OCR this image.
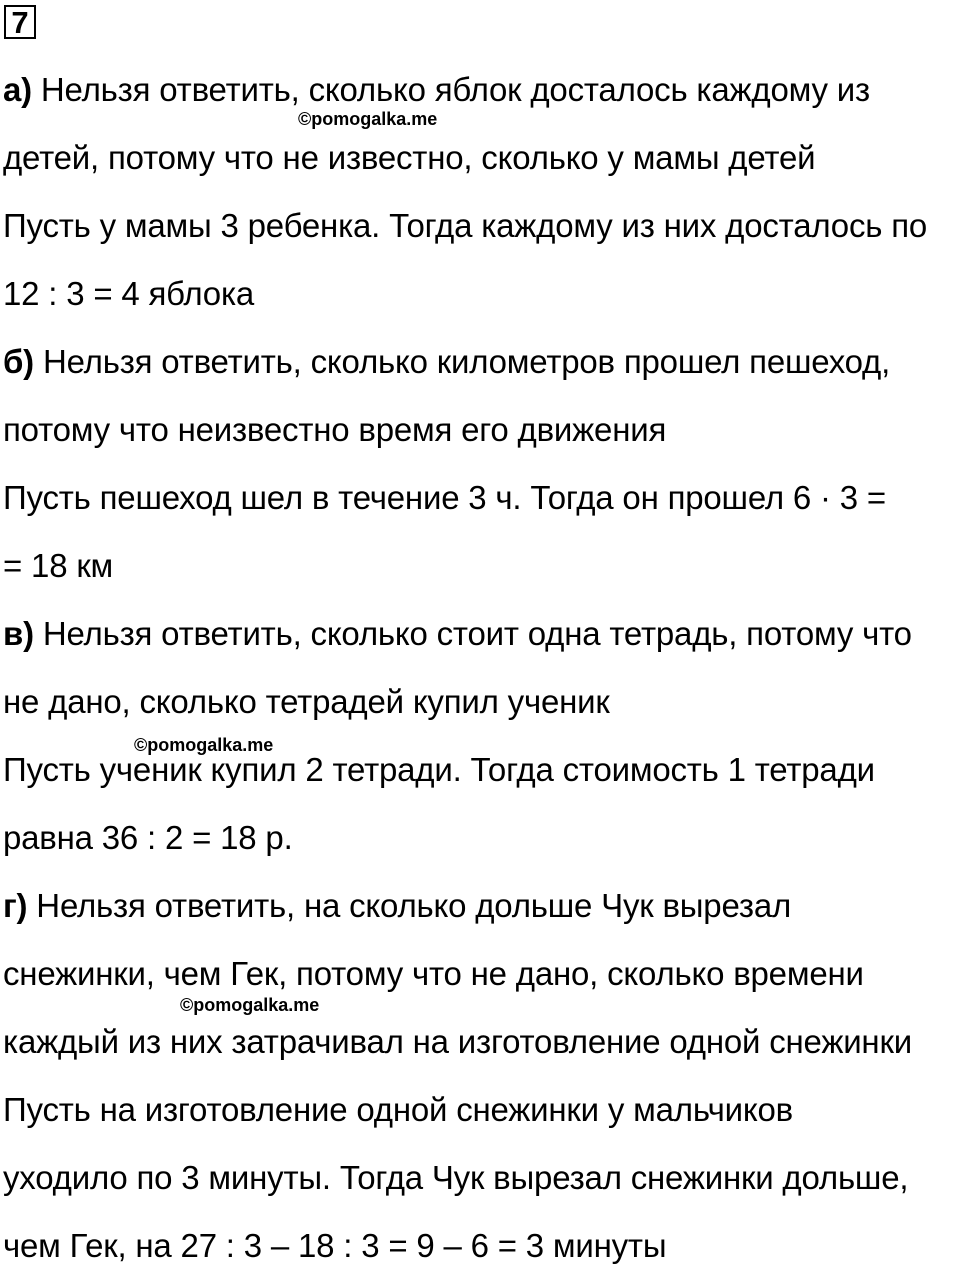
7
а) Нельзя ответить, сколько яблок досталось каждому из
детей, потому что не известно, сколько у мамы детей
Пусть у мамы 3 ребенка. Тогда каждому из них досталось по
12 : 3 = 4 яблока
б) Нельзя ответить, сколько километров прошел пешеход,
потому что неизвестно время его движения
Пусть пешеход шел в течение 3 ч. Тогда он прошел 6 · 3 =
= 18 км
в) Нельзя ответить, сколько стоит одна тетрадь, потому что
не дано, сколько тетрадей купил ученик
Пусть ученик купил 2 тетради. Тогда стоимость 1 тетради
равна 36 : 2 = 18 р.
г) Нельзя ответить, на сколько дольше Чук вырезал
снежинки, чем Гек, потому что не дано, сколько времени
каждый из них затрачивал на изготовление одной снежинки
Пусть на изготовление одной снежинки у мальчиков
уходило по 3 минуты. Тогда Чук вырезал снежинки дольше,
чем Гек, на 27 : 3 – 18 : 3 = 9 – 6 = 3 минуты
©pomogalka.me
©pomogalka.me
©pomogalka.me
